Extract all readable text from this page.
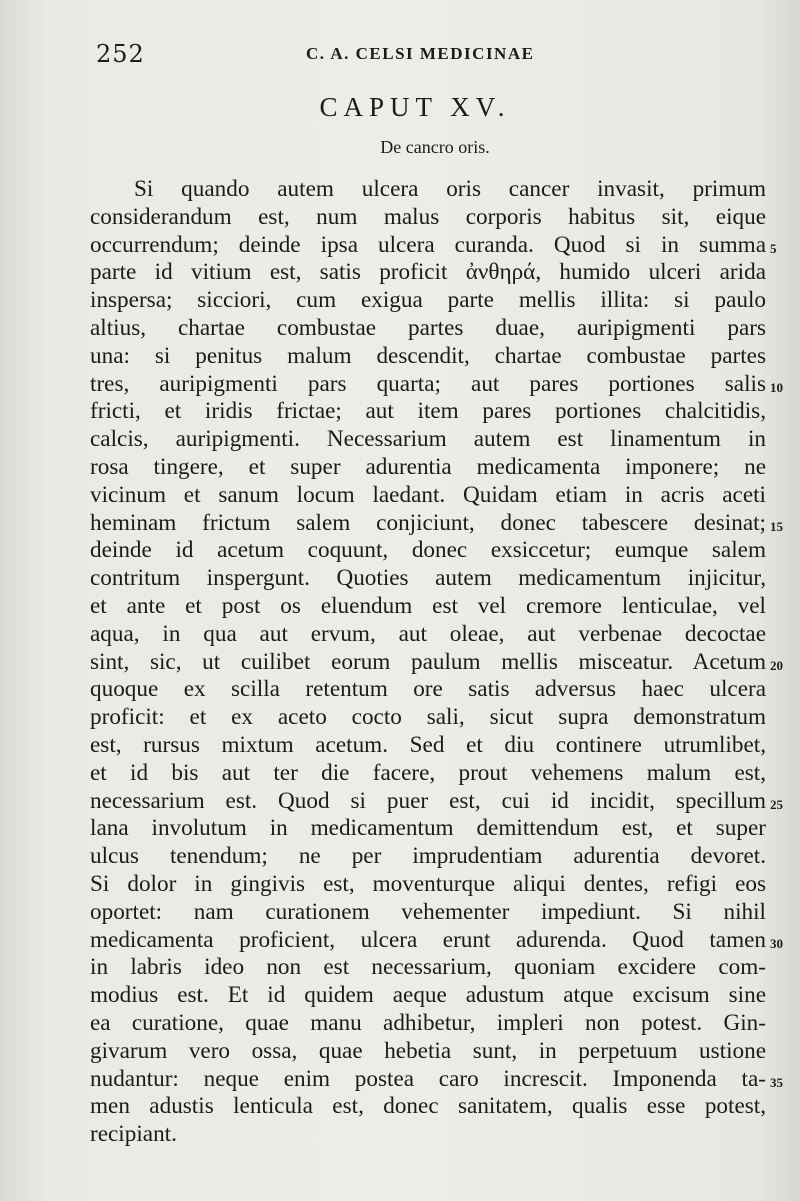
252	C. A. CELSI MEDICINAE
CAPUT XV.
De cancro oris.
Si quando autem ulcera oris cancer invasit, primum
considerandum est, num malus corporis habitus sit, eique
occurrendum; deinde ipsa ulcera curanda. Quod si in summa 5
parte id vitium est, satis proficit ἀνθηρά, humido ulceri arida
inspersa; sicciori, cum exigua parte mellis illita: si paulo
altius, chartae combustae partes duae, auripigmenti pars
una: si penitus malum descendit, chartae combustae partes
tres, auripigmenti pars quarta; aut pares portiones salis 10
fricti, et iridis frictae; aut item pares portiones chalcitidis,
calcis, auripigmenti. Necessarium autem est linamentum in
rosa tingere, et super adurentia medicamenta imponere; ne
vicinum et sanum locum laedant. Quidam etiam in acris aceti
heminam frictum salem conjiciunt, donec tabescere desinat; 15
deinde id acetum coquunt, donec exsiccetur; eumque salem
contritum inspergunt. Quoties autem medicamentum injicitur,
et ante et post os eluendum est vel cremore lenticulae, vel
aqua, in qua aut ervum, aut oleae, aut verbenae decoctae
sint, sic, ut cuilibet eorum paulum mellis misceatur. Acetum 20
quoque ex scilla retentum ore satis adversus haec ulcera
proficit: et ex aceto cocto sali, sicut supra demonstratum
est, rursus mixtum acetum. Sed et diu continere utrumlibet,
et id bis aut ter die facere, prout vehemens malum est,
necessarium est. Quod si puer est, cui id incidit, specillum 25
lana involutum in medicamentum demittendum est, et super
ulcus tenendum; ne per imprudentiam adurentia devoret.
Si dolor in gingivis est, moventurque aliqui dentes, refigi eos
oportet: nam curationem vehementer impediunt. Si nihil
medicamenta proficient, ulcera erunt adurenda. Quod tamen 30
in labris ideo non est necessarium, quoniam excidere com-
modius est. Et id quidem aeque adustum atque excisum sine
ea curatione, quae manu adhibetur, impleri non potest. Gin-
givarum vero ossa, quae hebetia sunt, in perpetuum ustione
nudantur: neque enim postea caro increscit. Imponenda ta- 35
men adustis lenticula est, donec sanitatem, qualis esse potest,
recipiant.
